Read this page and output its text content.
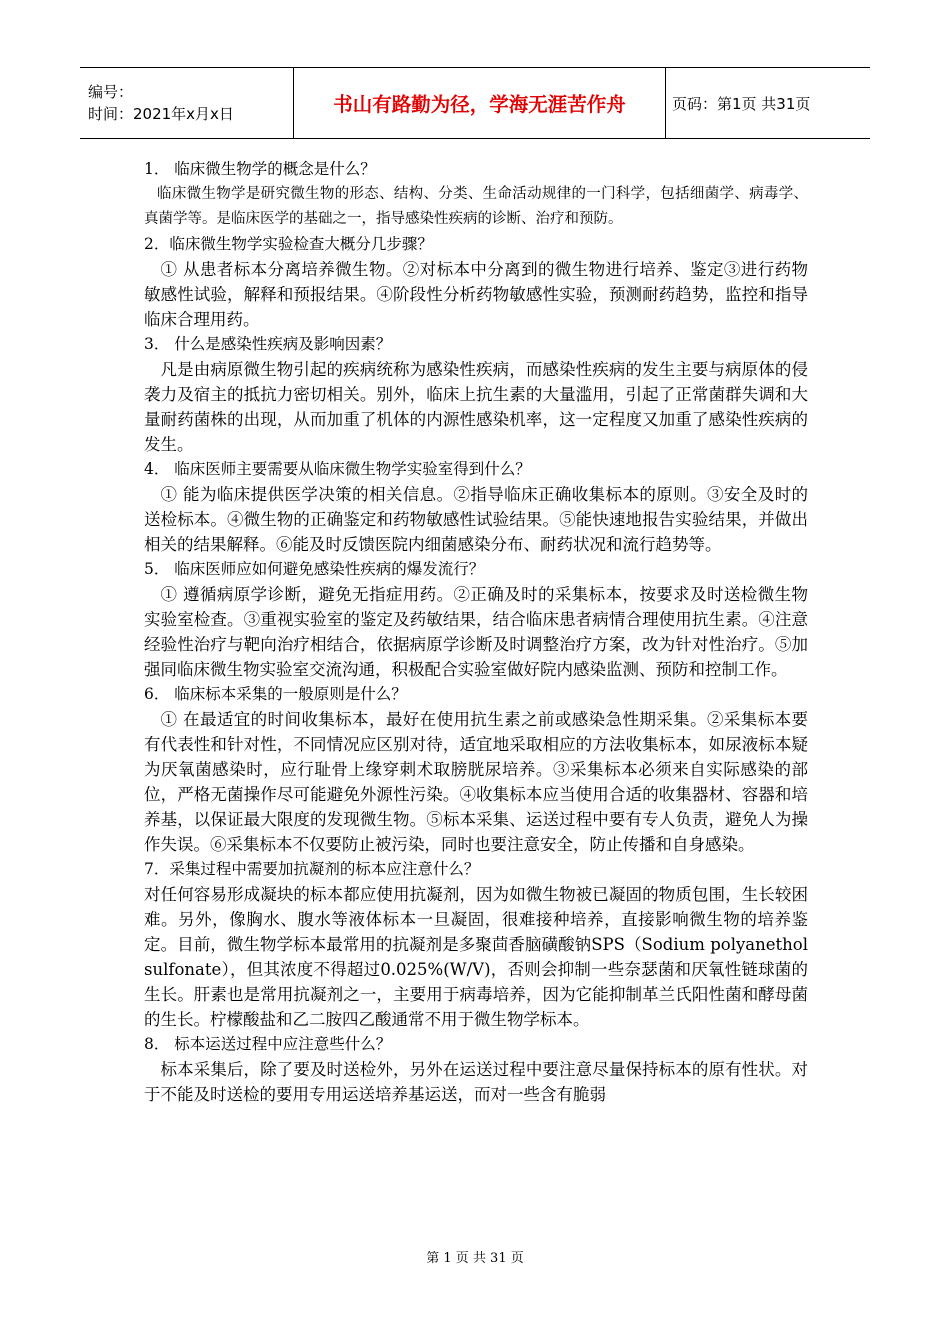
编号：
时间：2021年x月x日	书山有路勤为径，学海无涯苦作舟	页码：第1页 共31页

1． 临床微生物学的概念是什么？

临床微生物学是研究微生物的形态、结构、分类、生命活动规律的一门科学，包括细菌学、病毒学、真菌学等。是临床医学的基础之一，指导感染性疾病的诊断、治疗和预防。

2．临床微生物学实验检查大概分几步骤？

① 从患者标本分离培养微生物。②对标本中分离到的微生物进行培养、鉴定③进行药物敏感性试验，解释和预报结果。④阶段性分析药物敏感性实验，预测耐药趋势，监控和指导临床合理用药。

3． 什么是感染性疾病及影响因素？

凡是由病原微生物引起的疾病统称为感染性疾病，而感染性疾病的发生主要与病原体的侵袭力及宿主的抵抗力密切相关。别外，临床上抗生素的大量滥用，引起了正常菌群失调和大量耐药菌株的出现，从而加重了机体的内源性感染机率，这一定程度又加重了感染性疾病的发生。

4． 临床医师主要需要从临床微生物学实验室得到什么？

① 能为临床提供医学决策的相关信息。②指导临床正确收集标本的原则。③安全及时的送检标本。④微生物的正确鉴定和药物敏感性试验结果。⑤能快速地报告实验结果，并做出相关的结果解释。⑥能及时反馈医院内细菌感染分布、耐药状况和流行趋势等。

5． 临床医师应如何避免感染性疾病的爆发流行？

① 遵循病原学诊断，避免无指症用药。②正确及时的采集标本，按要求及时送检微生物实验室检查。③重视实验室的鉴定及药敏结果，结合临床患者病情合理使用抗生素。④注意经验性治疗与靶向治疗相结合，依据病原学诊断及时调整治疗方案，改为针对性治疗。⑤加强同临床微生物实验室交流沟通，积极配合实验室做好院内感染监测、预防和控制工作。

6． 临床标本采集的一般原则是什么？

① 在最适宜的时间收集标本，最好在使用抗生素之前或感染急性期采集。②采集标本要有代表性和针对性，不同情况应区别对待，适宜地采取相应的方法收集标本，如尿液标本疑为厌氧菌感染时，应行耻骨上缘穿刺术取膀胱尿培养。③采集标本必须来自实际感染的部位，严格无菌操作尽可能避免外源性污染。④收集标本应当使用合适的收集器材、容器和培养基，以保证最大限度的发现微生物。⑤标本采集、运送过程中要有专人负责，避免人为操作失误。⑥采集标本不仅要防止被污染，同时也要注意安全，防止传播和自身感染。

7．采集过程中需要加抗凝剂的标本应注意什么？

对任何容易形成凝块的标本都应使用抗凝剂，因为如微生物被已凝固的物质包围，生长较困难。另外，像胸水、腹水等液体标本一旦凝固，很难接种培养，直接影响微生物的培养鉴定。目前，微生物学标本最常用的抗凝剂是多聚茴香脑磺酸钠SPS（Sodium polyanethol sulfonate），但其浓度不得超过0.025%(W/V)，否则会抑制一些奈瑟菌和厌氧性链球菌的生长。肝素也是常用抗凝剂之一，主要用于病毒培养，因为它能抑制革兰氏阳性菌和酵母菌的生长。柠檬酸盐和乙二胺四乙酸通常不用于微生物学标本。

8． 标本运送过程中应注意些什么？

标本采集后，除了要及时送检外，另外在运送过程中要注意尽量保持标本的原有性状。对于不能及时送检的要用专用运送培养基运送，而对一些含有脆弱

第 1 页 共 31 页
